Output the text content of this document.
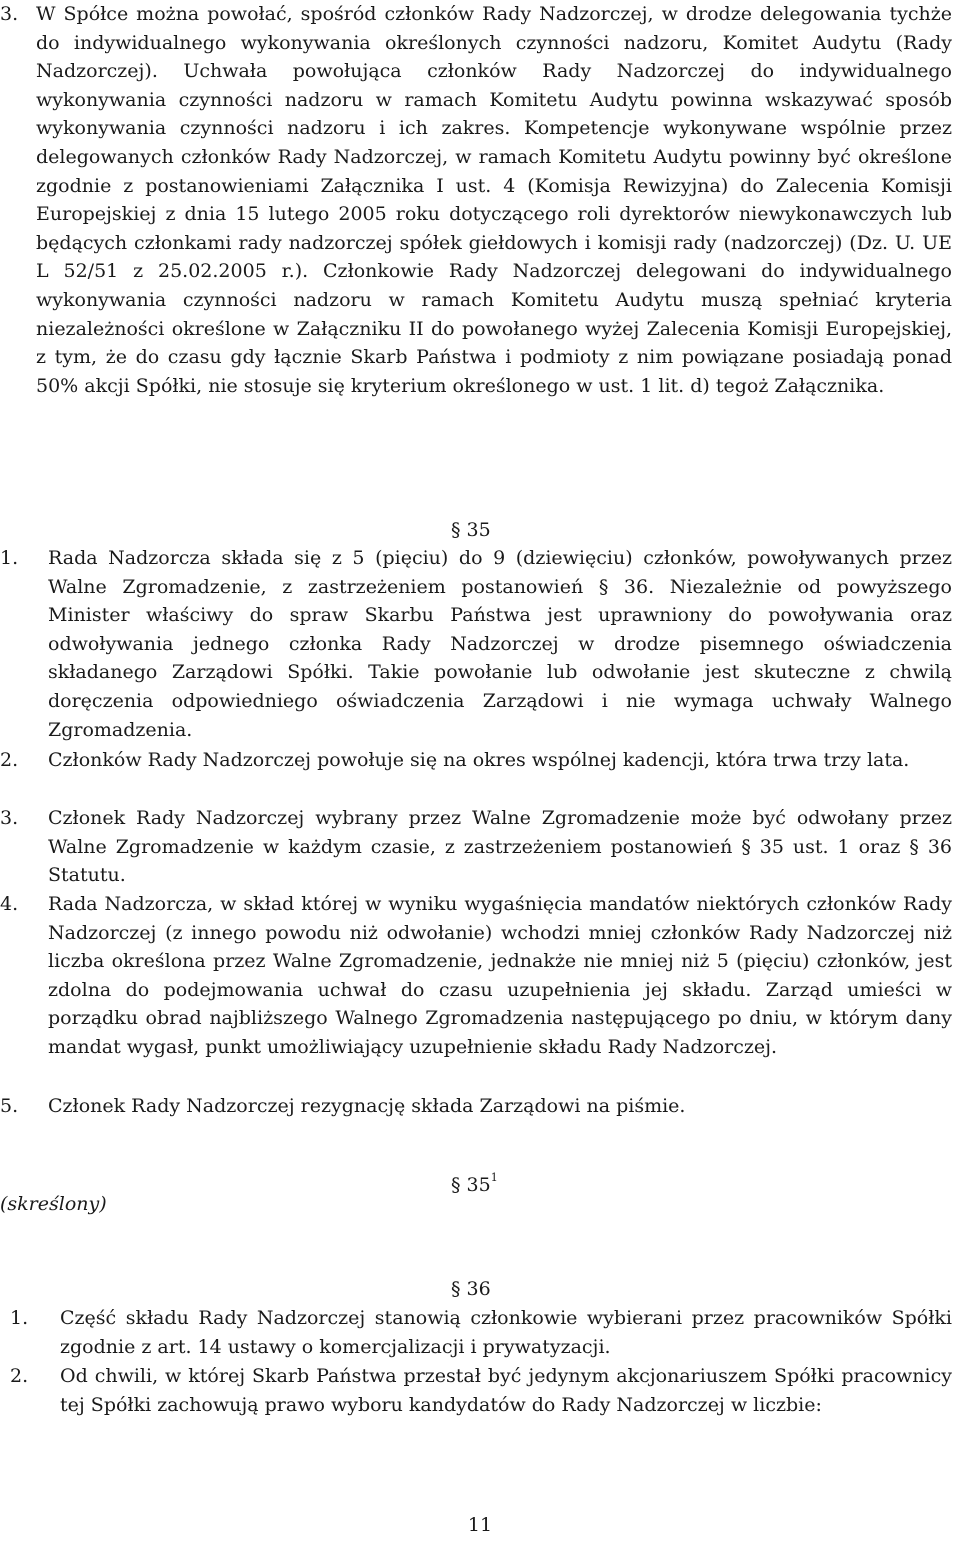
3. W Spółce można powołać, spośród członków Rady Nadzorczej, w drodze delegowania tychże do indywidualnego wykonywania określonych czynności nadzoru, Komitet Audytu (Rady Nadzorczej). Uchwała powołująca członków Rady Nadzorczej do indywidualnego wykonywania czynności nadzoru w ramach Komitetu Audytu powinna wskazywać sposób wykonywania czynności nadzoru i ich zakres. Kompetencje wykonywane wspólnie przez delegowanych członków Rady Nadzorczej, w ramach Komitetu Audytu powinny być określone zgodnie z postanowieniami Załącznika I ust. 4 (Komisja Rewizyjna) do Zalecenia Komisji Europejskiej z dnia 15 lutego 2005 roku dotyczącego roli dyrektorów niewykonawczych lub będących członkami rady nadzorczej spółek giełdowych i komisji rady (nadzorczej) (Dz. U. UE L 52/51 z 25.02.2005 r.). Członkowie Rady Nadzorczej delegowani do indywidualnego wykonywania czynności nadzoru w ramach Komitetu Audytu muszą spełniać kryteria niezależności określone w Załączniku II do powołanego wyżej Zalecenia Komisji Europejskiej, z tym, że do czasu gdy łącznie Skarb Państwa i podmioty z nim powiązane posiadają ponad 50% akcji Spółki, nie stosuje się kryterium określonego w ust. 1 lit. d) tegoż Załącznika.
§ 35
1.	Rada Nadzorcza składa się z 5 (pięciu) do 9 (dziewięciu) członków, powoływanych przez Walne Zgromadzenie, z zastrzeżeniem postanowień § 36. Niezależnie od powyższego Minister właściwy do spraw Skarbu Państwa jest uprawniony do powoływania oraz odwoływania jednego członka Rady Nadzorczej w drodze pisemnego oświadczenia składanego Zarządowi Spółki. Takie powołanie lub odwołanie jest skuteczne z chwilą doręczenia odpowiedniego oświadczenia Zarządowi i nie wymaga uchwały Walnego Zgromadzenia.
2.	Członków Rady Nadzorczej powołuje się na okres wspólnej kadencji, która trwa trzy lata.
3.	Członek Rady Nadzorczej wybrany przez Walne Zgromadzenie może być odwołany przez Walne Zgromadzenie w każdym czasie, z zastrzeżeniem postanowień § 35 ust. 1 oraz § 36 Statutu.
4.	Rada Nadzorcza, w skład której w wyniku wygaśnięcia mandatów niektórych członków Rady Nadzorczej (z innego powodu niż odwołanie) wchodzi mniej członków Rady Nadzorczej niż liczba określona przez Walne Zgromadzenie, jednakże nie mniej niż 5 (pięciu) członków, jest zdolna do podejmowania uchwał do czasu uzupełnienia jej składu. Zarząd umieści w porządku obrad najbliższego Walnego Zgromadzenia następującego po dniu, w którym dany mandat wygasł, punkt umożliwiający uzupełnienie składu Rady Nadzorczej.
5.	Członek Rady Nadzorczej rezygnację składa Zarządowi na piśmie.
§ $35^1$
(skreślony)
§ 36
1.	Część składu Rady Nadzorczej stanowią członkowie wybierani przez pracowników Spółki zgodnie z art. 14 ustawy o komercjalizacji i prywatyzacji.
2.	Od chwili, w której Skarb Państwa przestał być jedynym akcjonariuszem Spółki pracownicy tej Spółki zachowują prawo wyboru kandydatów do Rady Nadzorczej w liczbie:
11
